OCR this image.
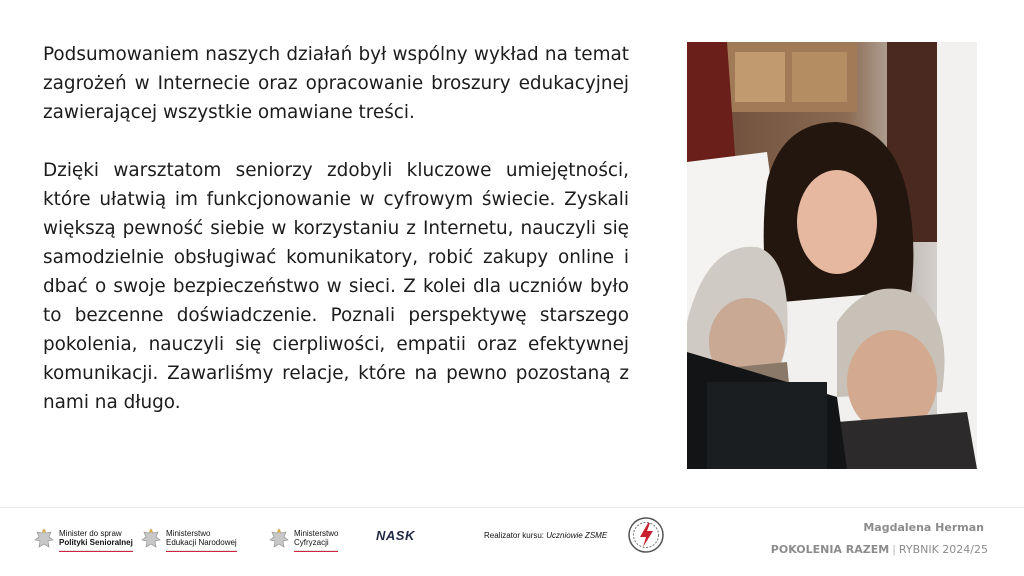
Podsumowaniem naszych działań był wspólny wykład na temat zagrożeń w Internecie oraz opracowanie broszury edukacyjnej zawierającej wszystkie omawiane treści.

Dzięki warsztatom seniorzy zdobyli kluczowe umiejętności, które ułatwią im funkcjonowanie w cyfrowym świecie. Zyskali większą pewność siebie w korzystaniu z Internetu, nauczyli się samodzielnie obsługiwać komunikatory, robić zakupy online i dbać o swoje bezpieczeństwo w sieci. Z kolei dla uczniów było to bezcenne doświadczenie. Poznali perspektywę starszego pokolenia, nauczyli się cierpliwości, empatii oraz efektywnej komunikacji. Zawarliśmy relacje, które na pewno pozostaną z nami na długo.

Minister do spraw
Polityki Senioralnej
Ministerstwo
Edukacji Narodowej
Ministerstwo
Cyfryzacji	NASK	Realizator kursu: Uczniowie ZSME
Magdalena Herman
POKOLENIA RAZEM | RYBNIK 2024/25
